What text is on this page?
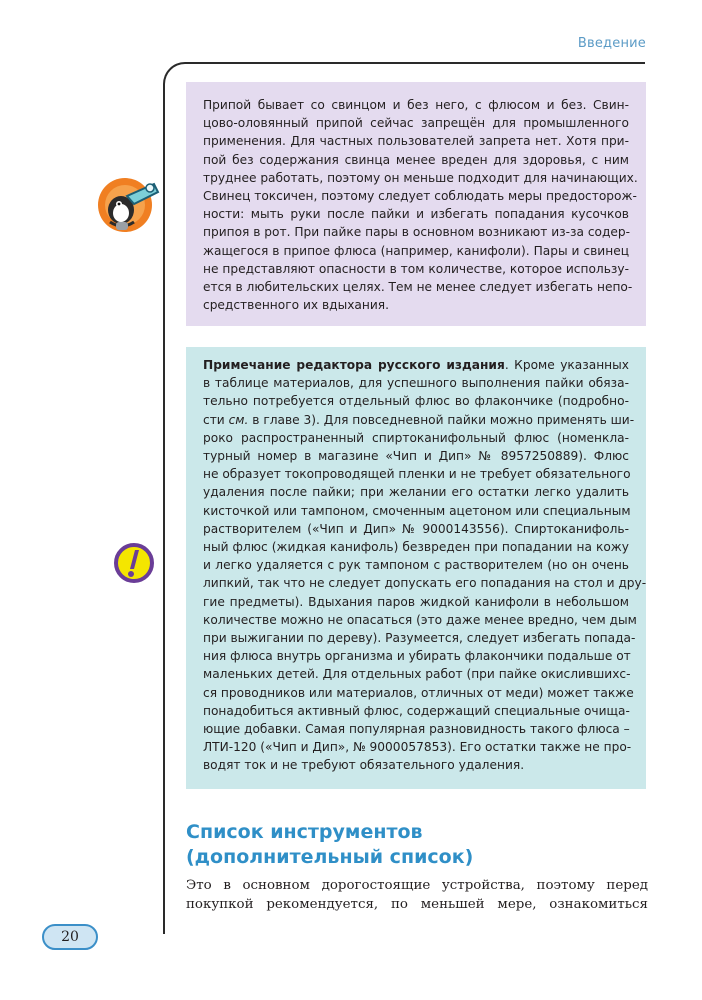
Введение
Припой бывает со свинцом и без него, с флюсом и без. Свин-
цово-оловянный припой сейчас запрещён для промышленного
применения. Для частных пользователей запрета нет. Хотя при-
пой без содержания свинца менее вреден для здоровья, с ним
труднее работать, поэтому он меньше подходит для начинающих.
Свинец токсичен, поэтому следует соблюдать меры предосторож-
ности: мыть руки после пайки и избегать попадания кусочков
припоя в рот. При пайке пары в основном возникают из-за содер-
жащегося в припое флюса (например, канифоли). Пары и свинец
не представляют опасности в том количестве, которое использу-
ется в любительских целях. Тем не менее следует избегать непо-
средственного их вдыхания.
Примечание редактора русского издания. Кроме указанных
в таблице материалов, для успешного выполнения пайки обяза-
тельно потребуется отдельный флюс во флакончике (подробно-
сти см. в главе 3). Для повседневной пайки можно применять ши-
роко распространенный спиртоканифольный флюс (номенкла-
турный номер в магазине «Чип и Дип» № 8957250889). Флюс
не образует токопроводящей пленки и не требует обязательного
удаления после пайки; при желании его остатки легко удалить
кисточкой или тампоном, смоченным ацетоном или специальным
растворителем («Чип и Дип» № 9000143556). Спиртоканифоль-
ный флюс (жидкая канифоль) безвреден при попадании на кожу
и легко удаляется с рук тампоном с растворителем (но он очень
липкий, так что не следует допускать его попадания на стол и дру-
гие предметы). Вдыхания паров жидкой канифоли в небольшом
количестве можно не опасаться (это даже менее вредно, чем дым
при выжигании по дереву). Разумеется, следует избегать попада-
ния флюса внутрь организма и убирать флакончики подальше от
маленьких детей. Для отдельных работ (при пайке окислившихс-
ся проводников или материалов, отличных от меди) может также
понадобиться активный флюс, содержащий специальные очища-
ющие добавки. Самая популярная разновидность такого флюса –
ЛТИ-120 («Чип и Дип», № 9000057853). Его остатки также не про-
водят ток и не требуют обязательного удаления.
Список инструментов
(дополнительный список)
Это в основном дорогостоящие устройства, поэтому перед
покупкой рекомендуется, по меньшей мере, ознакомиться
20
